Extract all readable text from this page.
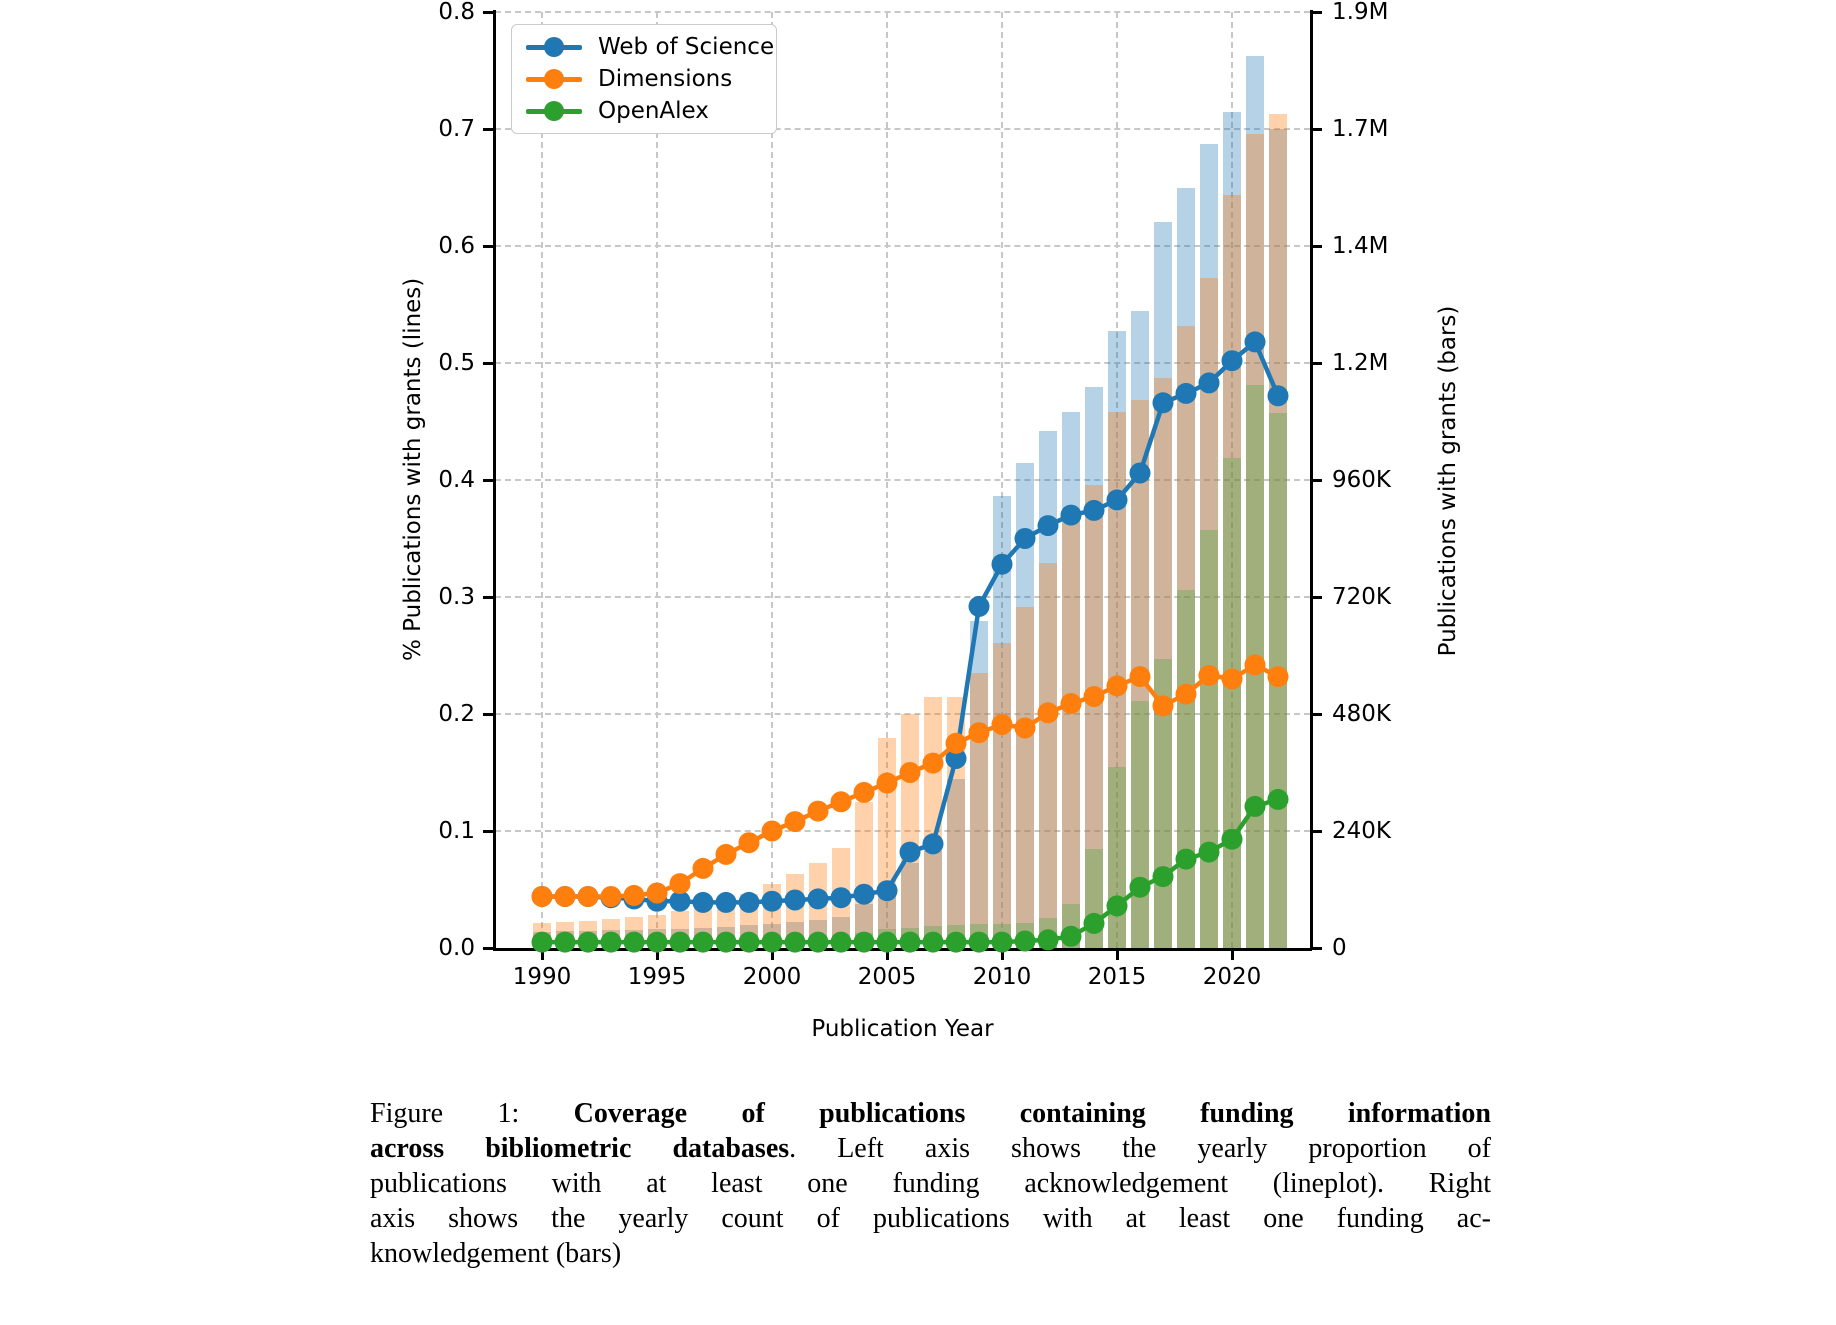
% Publications with grants (lines)	Publications with grants (bars)
Publication Year
Web of Science
Dimensions
OpenAlex
Figure 1: Coverage of publications containing funding information
across bibliometric databases. Left axis shows the yearly proportion of
publications with at least one funding acknowledgement (lineplot). Right
axis shows the yearly count of publications with at least one funding ac-
knowledgement (bars)
0.0
0.1
0.2
0.3
0.4
0.5
0.6
0.7
0.8
0
240K
480K
720K
960K
1.2M
1.4M
1.7M
1.9M
1990	1995	2000	2005	2010	2015	2020
